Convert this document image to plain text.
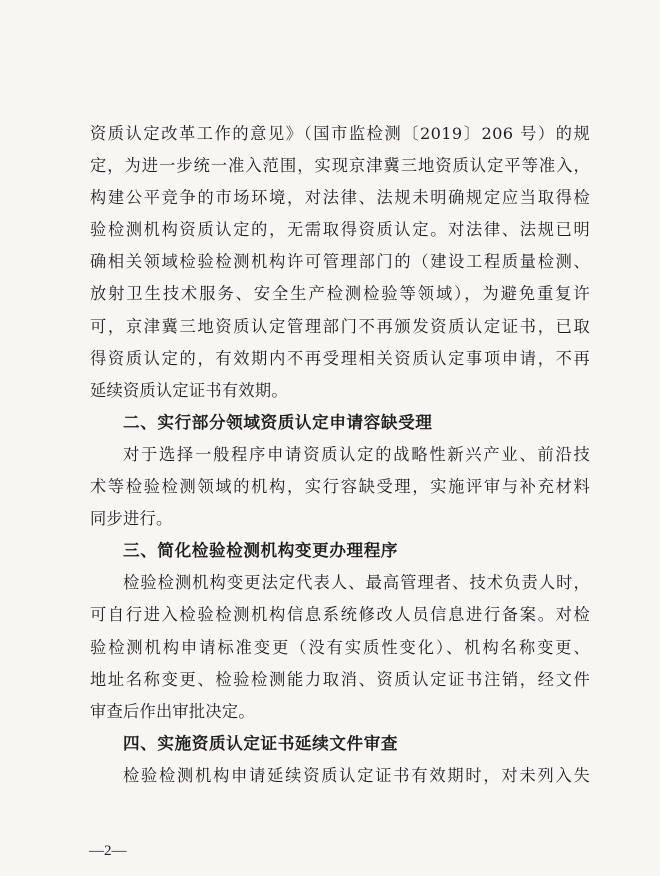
资质认定改革工作的意见》（国市监检测〔2019〕206 号）的规
定，为进一步统一准入范围，实现京津冀三地资质认定平等准入，
构建公平竞争的市场环境，对法律、法规未明确规定应当取得检
验检测机构资质认定的，无需取得资质认定。对法律、法规已明
确相关领域检验检测机构许可管理部门的（建设工程质量检测、
放射卫生技术服务、安全生产检测检验等领域），为避免重复许
可，京津冀三地资质认定管理部门不再颁发资质认定证书，已取
得资质认定的，有效期内不再受理相关资质认定事项申请，不再
延续资质认定证书有效期。
二、实行部分领域资质认定申请容缺受理
对于选择一般程序申请资质认定的战略性新兴产业、前沿技
术等检验检测领域的机构，实行容缺受理，实施评审与补充材料
同步进行。
三、简化检验检测机构变更办理程序
检验检测机构变更法定代表人、最高管理者、技术负责人时，
可自行进入检验检测机构信息系统修改人员信息进行备案。对检
验检测机构申请标准变更（没有实质性变化）、机构名称变更、
地址名称变更、检验检测能力取消、资质认定证书注销，经文件
审查后作出审批决定。
四、实施资质认定证书延续文件审查
检验检测机构申请延续资质认定证书有效期时，对未列入失
—2—
